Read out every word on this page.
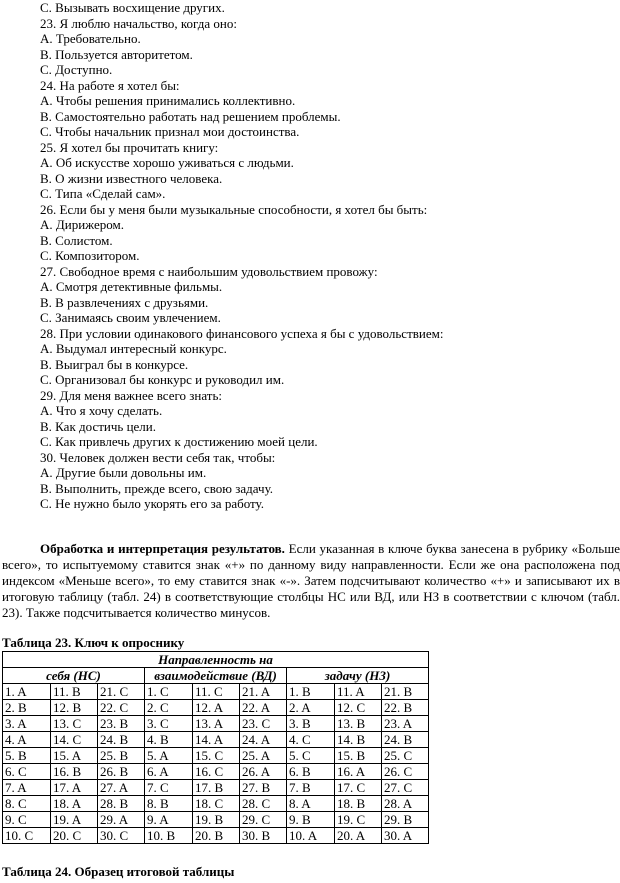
C. Вызывать восхищение других.
23. Я люблю начальство, когда оно:
A. Требовательно.
B. Пользуется авторитетом.
C. Доступно.
24. На работе я хотел бы:
A. Чтобы решения принимались коллективно.
B. Самостоятельно работать над решением проблемы.
C. Чтобы начальник признал мои достоинства.
25. Я хотел бы прочитать книгу:
A. Об искусстве хорошо уживаться с людьми.
B. О жизни известного человека.
C. Типа «Сделай сам».
26. Если бы у меня были музыкальные способности, я хотел бы быть:
A. Дирижером.
B. Солистом.
C. Композитором.
27. Свободное время с наибольшим удовольствием провожу:
A. Смотря детективные фильмы.
B. В развлечениях с друзьями.
C. Занимаясь своим увлечением.
28. При условии одинакового финансового успеха я бы с удовольствием:
A. Выдумал интересный конкурс.
B. Выиграл бы в конкурсе.
C. Организовал бы конкурс и руководил им.
29. Для меня важнее всего знать:
A. Что я хочу сделать.
B. Как достичь цели.
C. Как привлечь других к достижению моей цели.
30. Человек должен вести себя так, чтобы:
A. Другие были довольны им.
B. Выполнить, прежде всего, свою задачу.
C. Не нужно было укорять его за работу.
Обработка и интерпретация результатов. Если указанная в ключе буква занесена в рубрику «Больше всего», то испытуемому ставится знак «+» по данному виду направленности. Если же она расположена под индексом «Меньше всего», то ему ставится знак «-». Затем подсчитывают количество «+» и записывают их в итоговую таблицу (табл. 24) в соответствующие столбцы НС или ВД, или НЗ в соответствии с ключом (табл. 23). Также подсчитывается количество минусов.
Таблица 23. Ключ к опроснику
Направленность на								
себя (НС)			взаимодействие (ВД)			задачу (НЗ)		
1. A	11. B	21. C	1. C	11. C	21. A	1. B	11. A	21. B
2. B	12. B	22. C	2. C	12. A	22. A	2. A	12. C	22. B
3. A	13. C	23. B	3. C	13. A	23. C	3. B	13. B	23. A
4. A	14. C	24. B	4. B	14. A	24. A	4. C	14. B	24. B
5. B	15. A	25. B	5. A	15. C	25. A	5. C	15. B	25. C
6. C	16. B	26. B	6. A	16. C	26. A	6. B	16. A	26. C
7. A	17. A	27. A	7. C	17. B	27. B	7. B	17. C	27. C
8. C	18. A	28. B	8. B	18. C	28. C	8. A	18. B	28. A
9. C	19. A	29. A	9. A	19. B	29. C	9. B	19. C	29. B
10. C	20. C	30. C	10. B	20. B	30. B	10. A	20. A	30. A
Таблица 24. Образец итоговой таблицы
